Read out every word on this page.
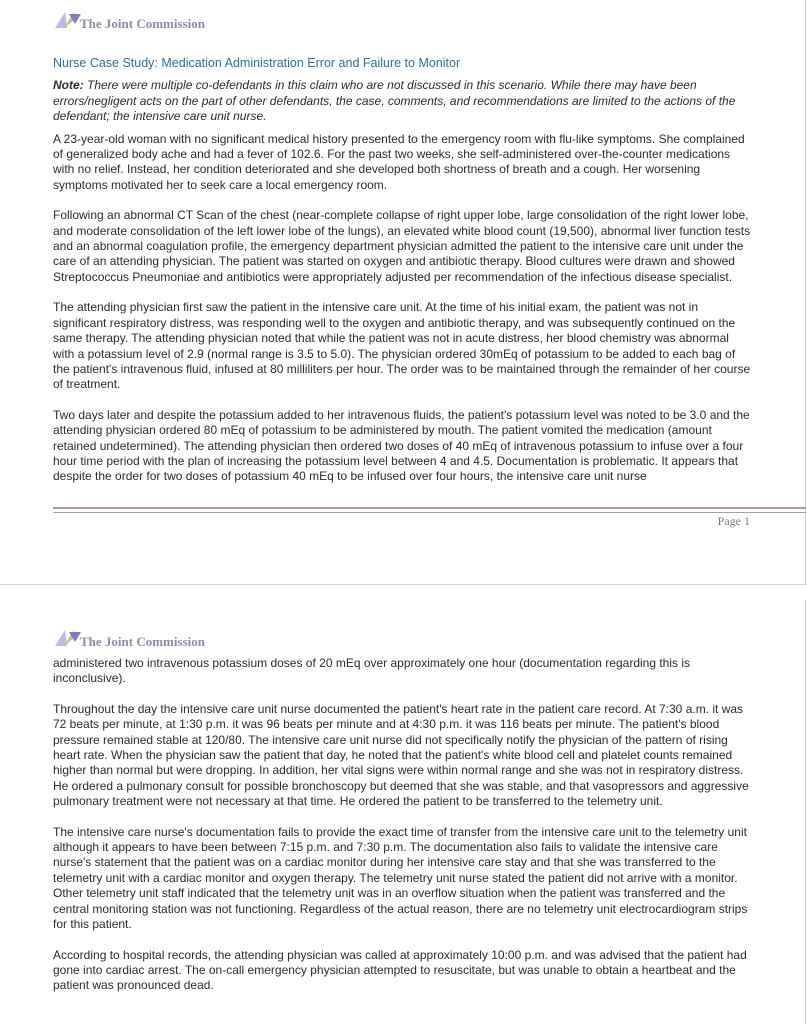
The Joint Commission

Nurse Case Study: Medication Administration Error and Failure to Monitor

Note: There were multiple co-defendants in this claim who are not discussed in this scenario. While there may have been errors/negligent acts on the part of other defendants, the case, comments, and recommendations are limited to the actions of the defendant; the intensive care unit nurse.

A 23-year-old woman with no significant medical history presented to the emergency room with flu-like symptoms. She complained of generalized body ache and had a fever of 102.6. For the past two weeks, she self-administered over-the-counter medications with no relief. Instead, her condition deteriorated and she developed both shortness of breath and a cough. Her worsening symptoms motivated her to seek care a local emergency room.

Following an abnormal CT Scan of the chest (near-complete collapse of right upper lobe, large consolidation of the right lower lobe, and moderate consolidation of the left lower lobe of the lungs), an elevated white blood count (19,500), abnormal liver function tests and an abnormal coagulation profile, the emergency department physician admitted the patient to the intensive care unit under the care of an attending physician. The patient was started on oxygen and antibiotic therapy. Blood cultures were drawn and showed Streptococcus Pneumoniae and antibiotics were appropriately adjusted per recommendation of the infectious disease specialist.

The attending physician first saw the patient in the intensive care unit. At the time of his initial exam, the patient was not in significant respiratory distress, was responding well to the oxygen and antibiotic therapy, and was subsequently continued on the same therapy. The attending physician noted that while the patient was not in acute distress, her blood chemistry was abnormal with a potassium level of 2.9 (normal range is 3.5 to 5.0). The physician ordered 30mEq of potassium to be added to each bag of the patient's intravenous fluid, infused at 80 milliliters per hour. The order was to be maintained through the remainder of her course of treatment.

Two days later and despite the potassium added to her intravenous fluids, the patient's potassium level was noted to be 3.0 and the attending physician ordered 80 mEq of potassium to be administered by mouth. The patient vomited the medication (amount retained undetermined). The attending physician then ordered two doses of 40 mEq of intravenous potassium to infuse over a four hour time period with the plan of increasing the potassium level between 4 and 4.5. Documentation is problematic. It appears that despite the order for two doses of potassium 40 mEq to be infused over four hours, the intensive care unit nurse

Page 1
The Joint Commission

administered two intravenous potassium doses of 20 mEq over approximately one hour (documentation regarding this is inconclusive).

Throughout the day the intensive care unit nurse documented the patient's heart rate in the patient care record. At 7:30 a.m. it was 72 beats per minute, at 1:30 p.m. it was 96 beats per minute and at 4:30 p.m. it was 116 beats per minute. The patient's blood pressure remained stable at 120/80. The intensive care unit nurse did not specifically notify the physician of the pattern of rising heart rate. When the physician saw the patient that day, he noted that the patient's white blood cell and platelet counts remained higher than normal but were dropping. In addition, her vital signs were within normal range and she was not in respiratory distress. He ordered a pulmonary consult for possible bronchoscopy but deemed that she was stable, and that vasopressors and aggressive pulmonary treatment were not necessary at that time. He ordered the patient to be transferred to the telemetry unit.

The intensive care nurse's documentation fails to provide the exact time of transfer from the intensive care unit to the telemetry unit although it appears to have been between 7:15 p.m. and 7:30 p.m. The documentation also fails to validate the intensive care nurse's statement that the patient was on a cardiac monitor during her intensive care stay and that she was transferred to the telemetry unit with a cardiac monitor and oxygen therapy. The telemetry unit nurse stated the patient did not arrive with a monitor. Other telemetry unit staff indicated that the telemetry unit was in an overflow situation when the patient was transferred and the central monitoring station was not functioning. Regardless of the actual reason, there are no telemetry unit electrocardiogram strips for this patient.

According to hospital records, the attending physician was called at approximately 10:00 p.m. and was advised that the patient had gone into cardiac arrest. The on-call emergency physician attempted to resuscitate, but was unable to obtain a heartbeat and the patient was pronounced dead.
